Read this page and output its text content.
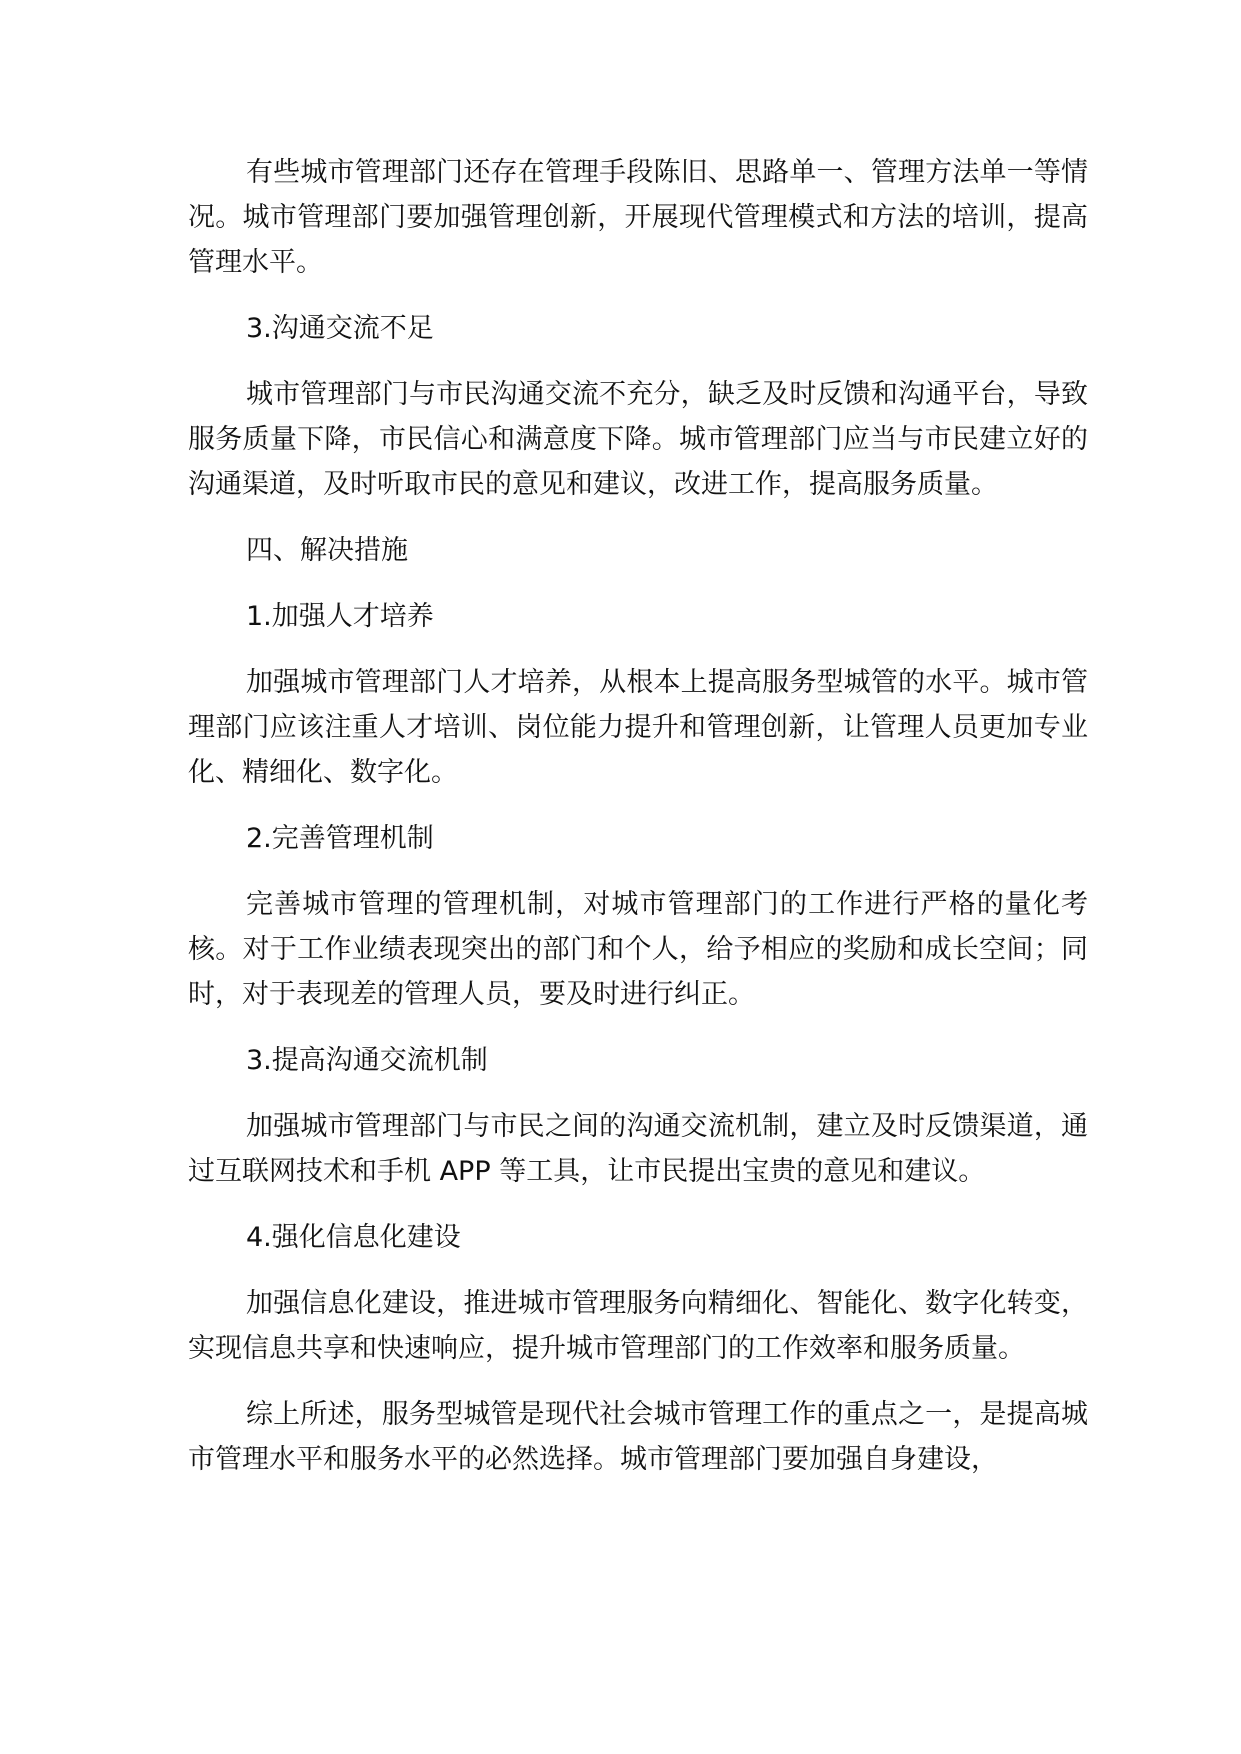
有些城市管理部门还存在管理手段陈旧、思路单一、管理方法单一等情况。城市管理部门要加强管理创新，开展现代管理模式和方法的培训，提高管理水平。

3.沟通交流不足

城市管理部门与市民沟通交流不充分，缺乏及时反馈和沟通平台，导致服务质量下降，市民信心和满意度下降。城市管理部门应当与市民建立好的沟通渠道，及时听取市民的意见和建议，改进工作，提高服务质量。

四、解决措施

1.加强人才培养

加强城市管理部门人才培养，从根本上提高服务型城管的水平。城市管理部门应该注重人才培训、岗位能力提升和管理创新，让管理人员更加专业化、精细化、数字化。

2.完善管理机制

完善城市管理的管理机制，对城市管理部门的工作进行严格的量化考核。对于工作业绩表现突出的部门和个人，给予相应的奖励和成长空间；同时，对于表现差的管理人员，要及时进行纠正。

3.提高沟通交流机制

加强城市管理部门与市民之间的沟通交流机制，建立及时反馈渠道，通过互联网技术和手机 APP 等工具，让市民提出宝贵的意见和建议。

4.强化信息化建设

加强信息化建设，推进城市管理服务向精细化、智能化、数字化转变，实现信息共享和快速响应，提升城市管理部门的工作效率和服务质量。

综上所述，服务型城管是现代社会城市管理工作的重点之一，是提高城市管理水平和服务水平的必然选择。城市管理部门要加强自身建设，
